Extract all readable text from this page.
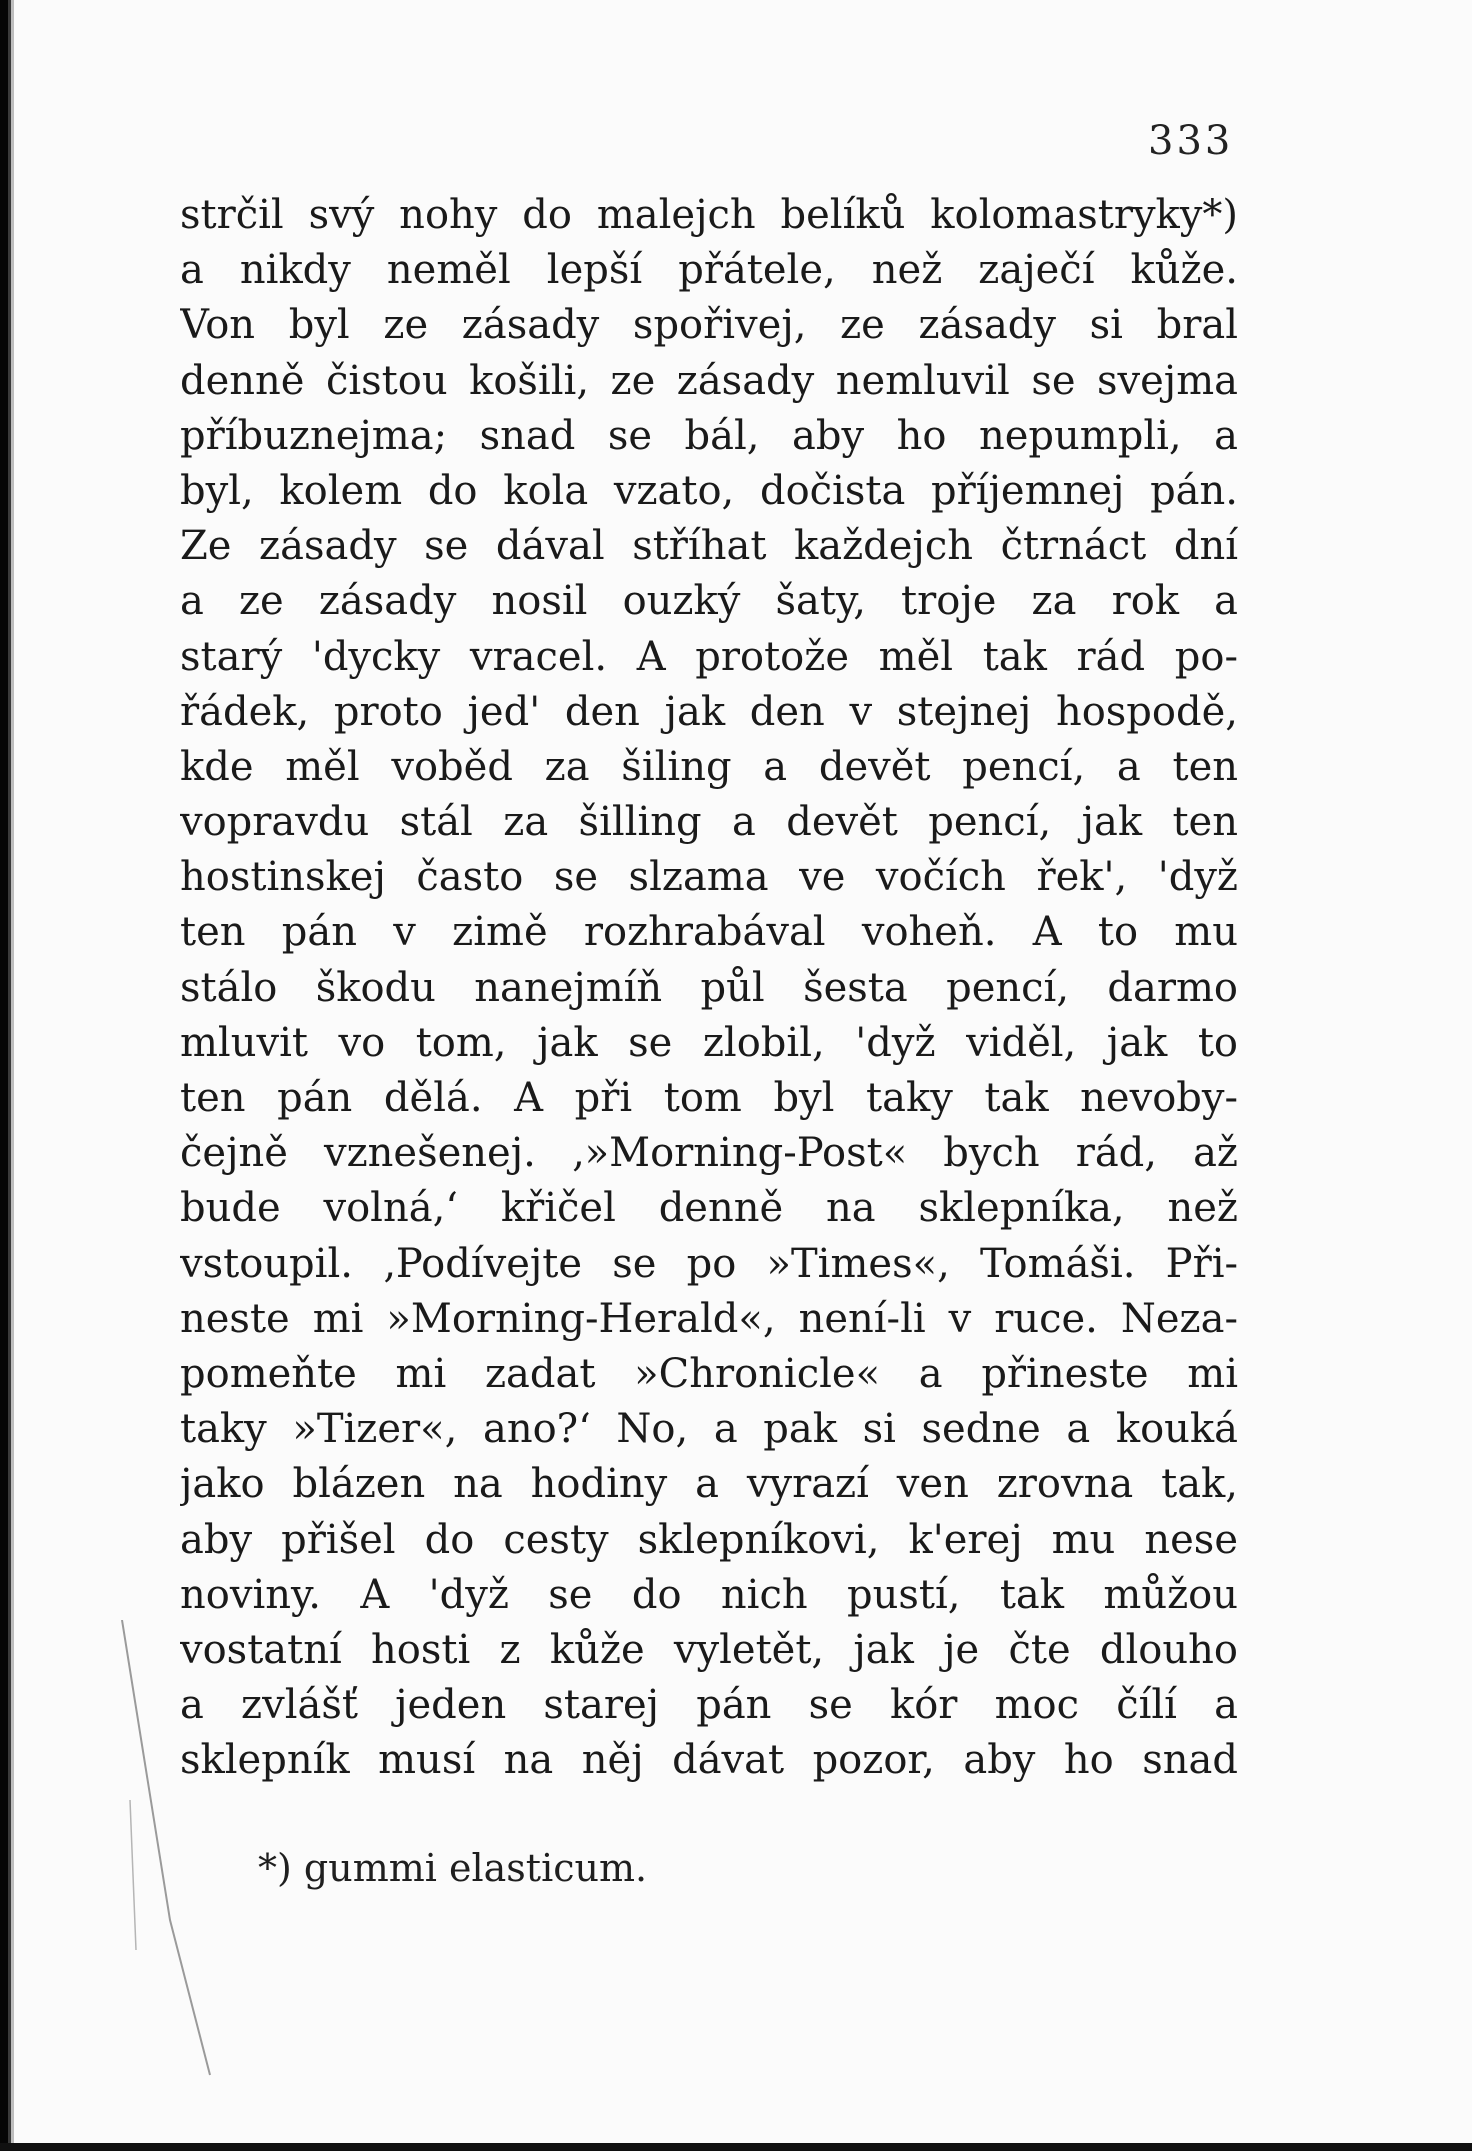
333
strčil svý nohy do malejch belíků kolomastryky*)
a nikdy neměl lepší přátele, než zaječí kůže.
Von byl ze zásady spořivej, ze zásady si bral
denně čistou košili, ze zásady nemluvil se svejma
příbuznejma; snad se bál, aby ho nepumpli, a
byl, kolem do kola vzato, dočista příjemnej pán.
Ze zásady se dával stříhat každejch čtrnáct dní
a ze zásady nosil ouzký šaty, troje za rok a
starý 'dycky vracel. A protože měl tak rád po-
řádek, proto jed' den jak den v stejnej hospodě,
kde měl voběd za šiling a devět pencí, a ten
vopravdu stál za šilling a devět pencí, jak ten
hostinskej často se slzama ve vočích řek', 'dyž
ten pán v zimě rozhrabával voheň. A to mu
stálo škodu nanejmíň půl šesta pencí, darmo
mluvit vo tom, jak se zlobil, 'dyž viděl, jak to
ten pán dělá. A při tom byl taky tak nevoby-
čejně vznešenej. ‚»Morning-Post« bych rád, až
bude volná,‘ křičel denně na sklepníka, než
vstoupil. ‚Podívejte se po »Times«, Tomáši. Při-
neste mi »Morning-Herald«, není-li v ruce. Neza-
pomeňte mi zadat »Chronicle« a přineste mi
taky »Tizer«, ano?‘ No, a pak si sedne a kouká
jako blázen na hodiny a vyrazí ven zrovna tak,
aby přišel do cesty sklepníkovi, k'erej mu nese
noviny. A 'dyž se do nich pustí, tak můžou
vostatní hosti z kůže vyletět, jak je čte dlouho
a zvlášť jeden starej pán se kór moc čílí a
sklepník musí na něj dávat pozor, aby ho snad
*) gummi elasticum.
